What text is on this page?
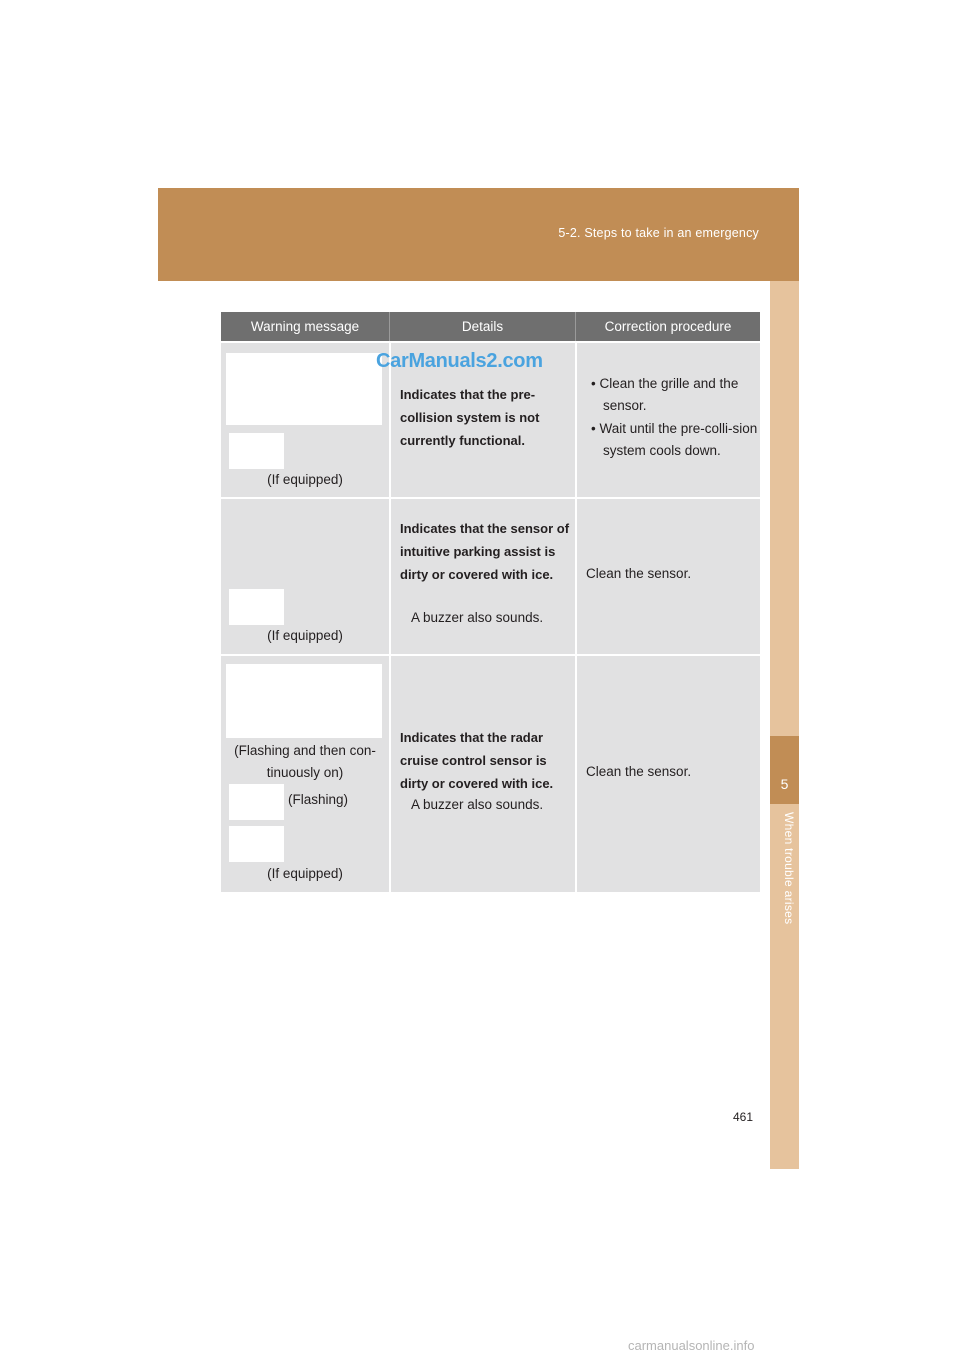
5-2. Steps to take in an emergency
5
When trouble arises
Warning message	Details	Correction procedure
(If equipped)
Indicates that the pre-collision system is not currently functional.
• Clean the grille and the sensor.
• Wait until the pre-colli-sion system cools down.
(If equipped)
Indicates that the sensor of intuitive parking assist is dirty or covered with ice.
A buzzer also sounds.
Clean the sensor.
(Flashing and then con-tinuously on)
(Flashing)
(If equipped)
Indicates that the radar cruise control sensor is dirty or covered with ice.
A buzzer also sounds.
Clean the sensor.
CarManuals2.com
461
carmanualsonline.info
